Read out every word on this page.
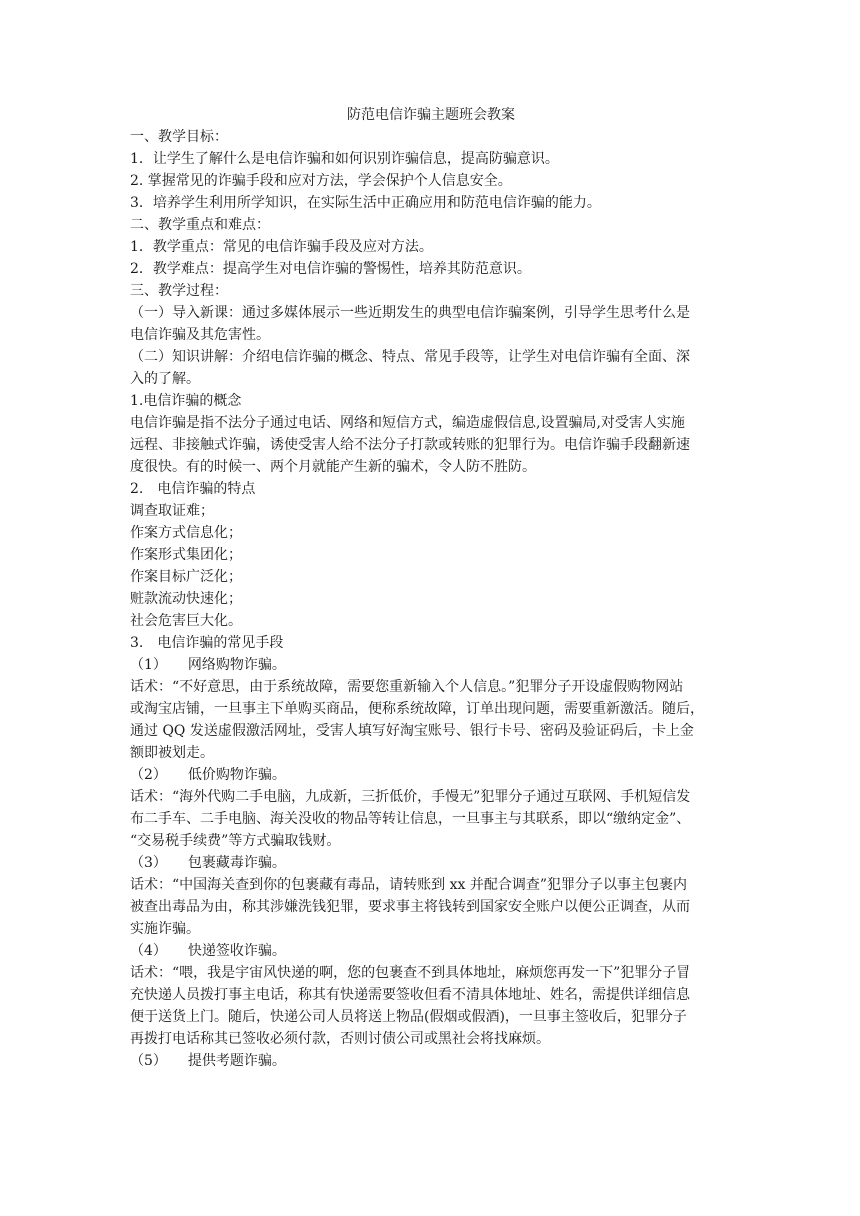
防范电信诈骗主题班会教案

一、教学目标：

1．让学生了解什么是电信诈骗和如何识别诈骗信息，提高防骗意识。

2. 掌握常见的诈骗手段和应对方法，学会保护个人信息安全。

3．培养学生利用所学知识，在实际生活中正确应用和防范电信诈骗的能力。

二、教学重点和难点：

1．教学重点：常见的电信诈骗手段及应对方法。

2．教学难点：提高学生对电信诈骗的警惕性，培养其防范意识。

三、教学过程：

（一）导入新课：通过多媒体展示一些近期发生的典型电信诈骗案例，引导学生思考什么是

电信诈骗及其危害性。

（二）知识讲解：介绍电信诈骗的概念、特点、常见手段等，让学生对电信诈骗有全面、深

入的了解。

1.电信诈骗的概念

电信诈骗是指不法分子通过电话、网络和短信方式，编造虚假信息,设置骗局,对受害人实施

远程、非接触式诈骗，诱使受害人给不法分子打款或转账的犯罪行为。电信诈骗手段翻新速

度很快。有的时候一、两个月就能产生新的骗术，令人防不胜防。

2.　电信诈骗的特点

调查取证难；

作案方式信息化；

作案形式集团化；

作案目标广泛化；

赃款流动快速化；

社会危害巨大化。

3.　电信诈骗的常见手段

（1）　　网络购物诈骗。

话术：“不好意思，由于系统故障，需要您重新输入个人信息。”犯罪分子开设虚假购物网站

或淘宝店铺，一旦事主下单购买商品，便称系统故障，订单出现问题，需要重新激活。随后，

通过 QQ 发送虚假激活网址，受害人填写好淘宝账号、银行卡号、密码及验证码后，卡上金

额即被划走。

（2）　　低价购物诈骗。

话术：“海外代购二手电脑，九成新，三折低价，手慢无”犯罪分子通过互联网、手机短信发

布二手车、二手电脑、海关没收的物品等转让信息，一旦事主与其联系，即以“缴纳定金”、

“交易税手续费”等方式骗取钱财。

（3）　　包裹藏毒诈骗。

话术：“中国海关查到你的包裹藏有毒品，请转账到 xx 并配合调查”犯罪分子以事主包裹内

被查出毒品为由，称其涉嫌洗钱犯罪，要求事主将钱转到国家安全账户以便公正调查，从而

实施诈骗。

（4）　　快递签收诈骗。

话术：“喂，我是宇宙风快递的啊，您的包裹查不到具体地址，麻烦您再发一下”犯罪分子冒

充快递人员拨打事主电话，称其有快递需要签收但看不清具体地址、姓名，需提供详细信息

便于送货上门。随后，快递公司人员将送上物品(假烟或假酒)，一旦事主签收后，犯罪分子

再拨打电话称其已签收必须付款，否则讨债公司或黑社会将找麻烦。

（5）　　提供考题诈骗。
